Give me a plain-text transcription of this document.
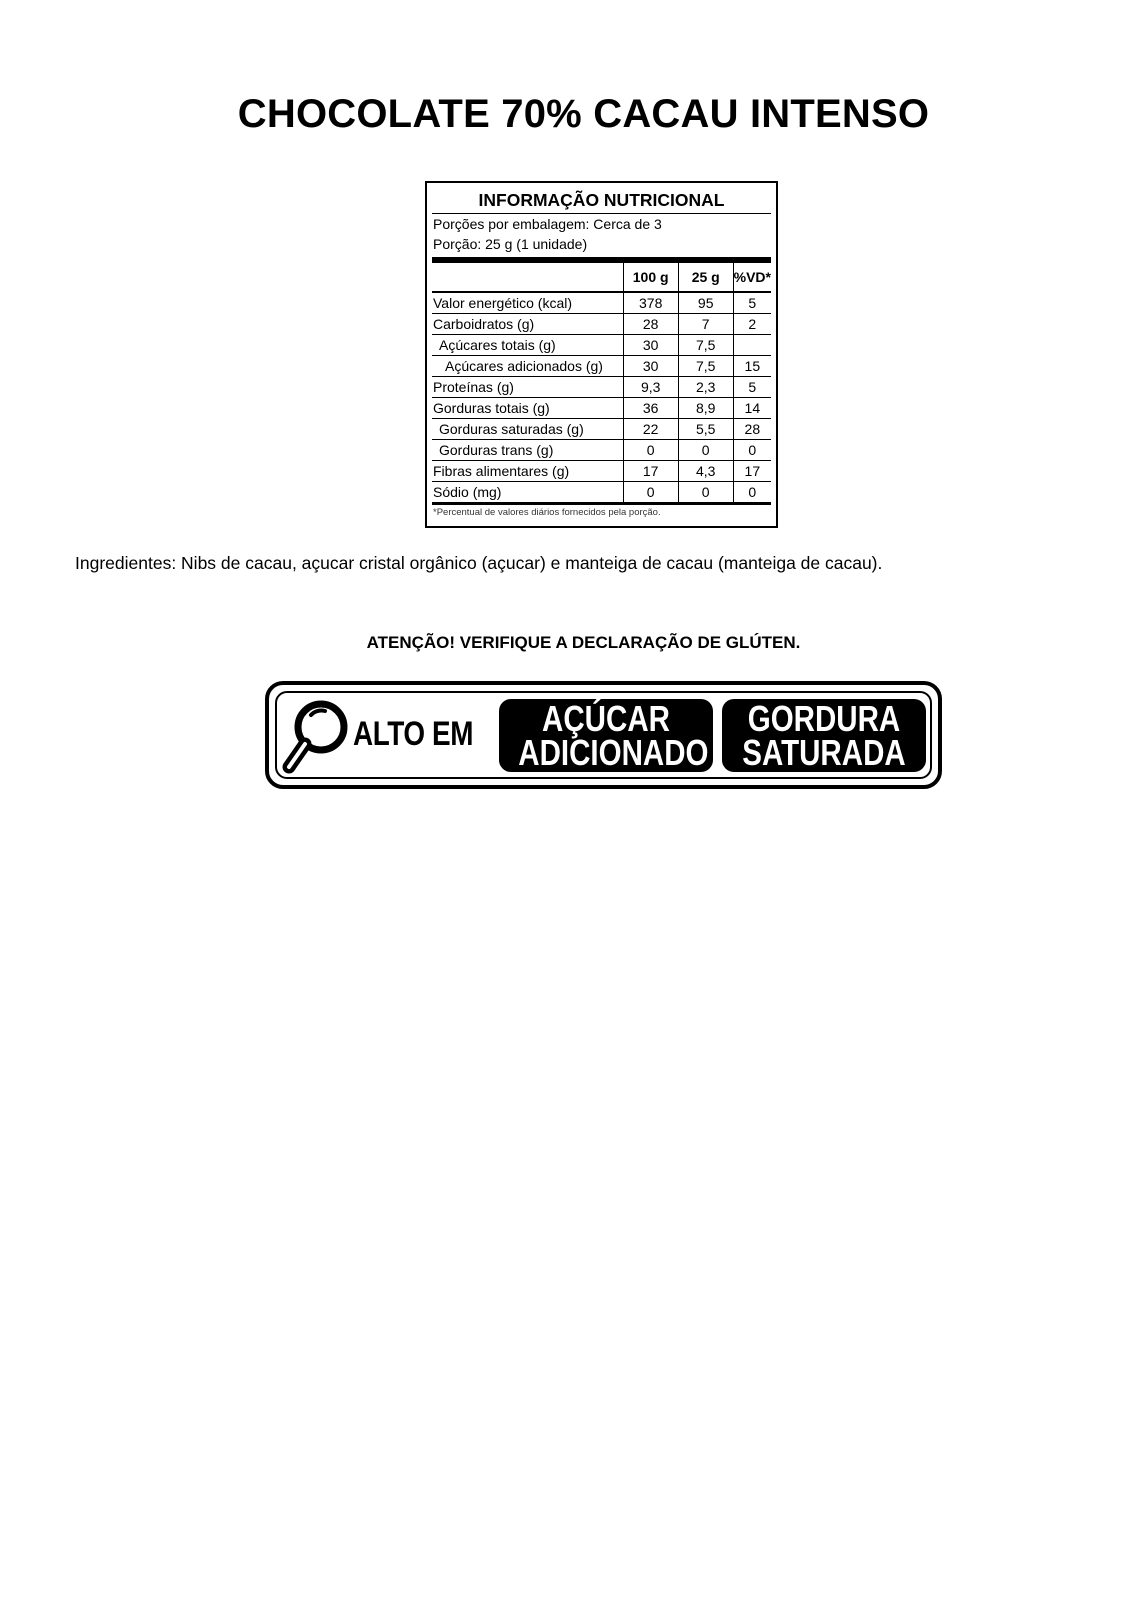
CHOCOLATE 70% CACAU INTENSO
INFORMAÇÃO NUTRICIONAL
Porções por embalagem: Cerca de 3
Porção: 25 g (1 unidade)
	100 g	25 g	%VD*
Valor energético (kcal)	378	95	5
Carboidratos (g)	28	7	2
Açúcares totais (g)	30	7,5	
Açúcares adicionados (g)	30	7,5	15
Proteínas (g)	9,3	2,3	5
Gorduras totais (g)	36	8,9	14
Gorduras saturadas (g)	22	5,5	28
Gorduras trans (g)	0	0	0
Fibras alimentares (g)	17	4,3	17
Sódio (mg)	0	0	0
*Percentual de valores diários fornecidos pela porção.
Ingredientes: Nibs de cacau, açucar cristal orgânico (açucar) e manteiga de cacau (manteiga de cacau).
ATENÇÃO! VERIFIQUE A DECLARAÇÃO DE GLÚTEN.
ALTO EM	AÇÚCAR
ADICIONADO
GORDURA
SATURADA
